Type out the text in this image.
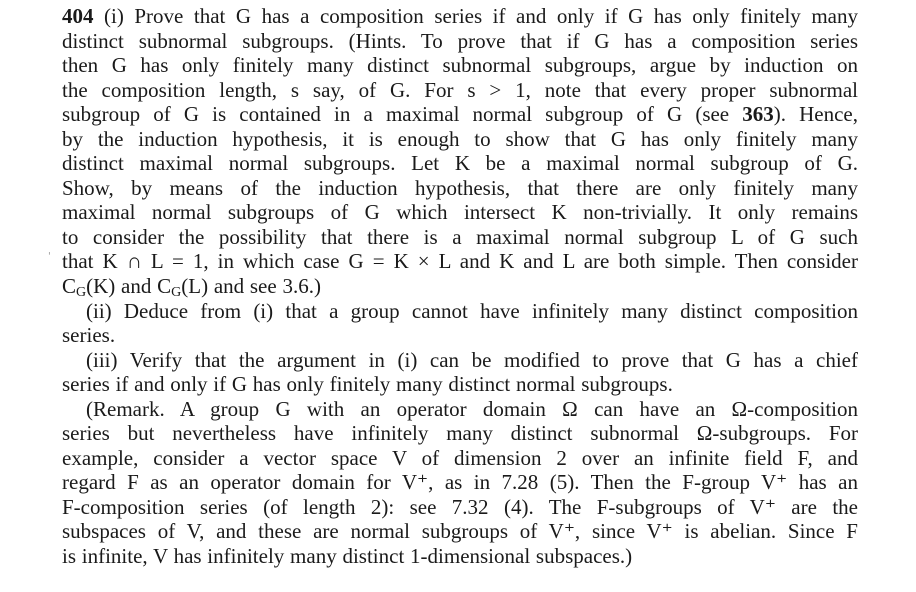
'
404 (i) Prove that G has a composition series if and only if G has only finitely many
distinct subnormal subgroups. (Hints. To prove that if G has a composition series
then G has only finitely many distinct subnormal subgroups, argue by induction on
the composition length, s say, of G. For s > 1, note that every proper subnormal
subgroup of G is contained in a maximal normal subgroup of G (see 363). Hence,
by the induction hypothesis, it is enough to show that G has only finitely many
distinct maximal normal subgroups. Let K be a maximal normal subgroup of G.
Show, by means of the induction hypothesis, that there are only finitely many
maximal normal subgroups of G which intersect K non-trivially. It only remains
to consider the possibility that there is a maximal normal subgroup L of G such
that K ∩ L = 1, in which case G = K × L and K and L are both simple. Then consider
$C_G(K)$ and $C_G(L)$ and see 3.6.)
(ii) Deduce from (i) that a group cannot have infinitely many distinct composition
series.
(iii) Verify that the argument in (i) can be modified to prove that G has a chief
series if and only if G has only finitely many distinct normal subgroups.
(Remark. A group G with an operator domain Ω can have an Ω-composition
series but nevertheless have infinitely many distinct subnormal Ω-subgroups. For
example, consider a vector space V of dimension 2 over an infinite field F, and
regard F as an operator domain for V⁺, as in 7.28 (5). Then the F-group V⁺ has an
F-composition series (of length 2): see 7.32 (4). The F-subgroups of V⁺ are the
subspaces of V, and these are normal subgroups of V⁺, since V⁺ is abelian. Since F
is infinite, V has infinitely many distinct 1-dimensional subspaces.)
